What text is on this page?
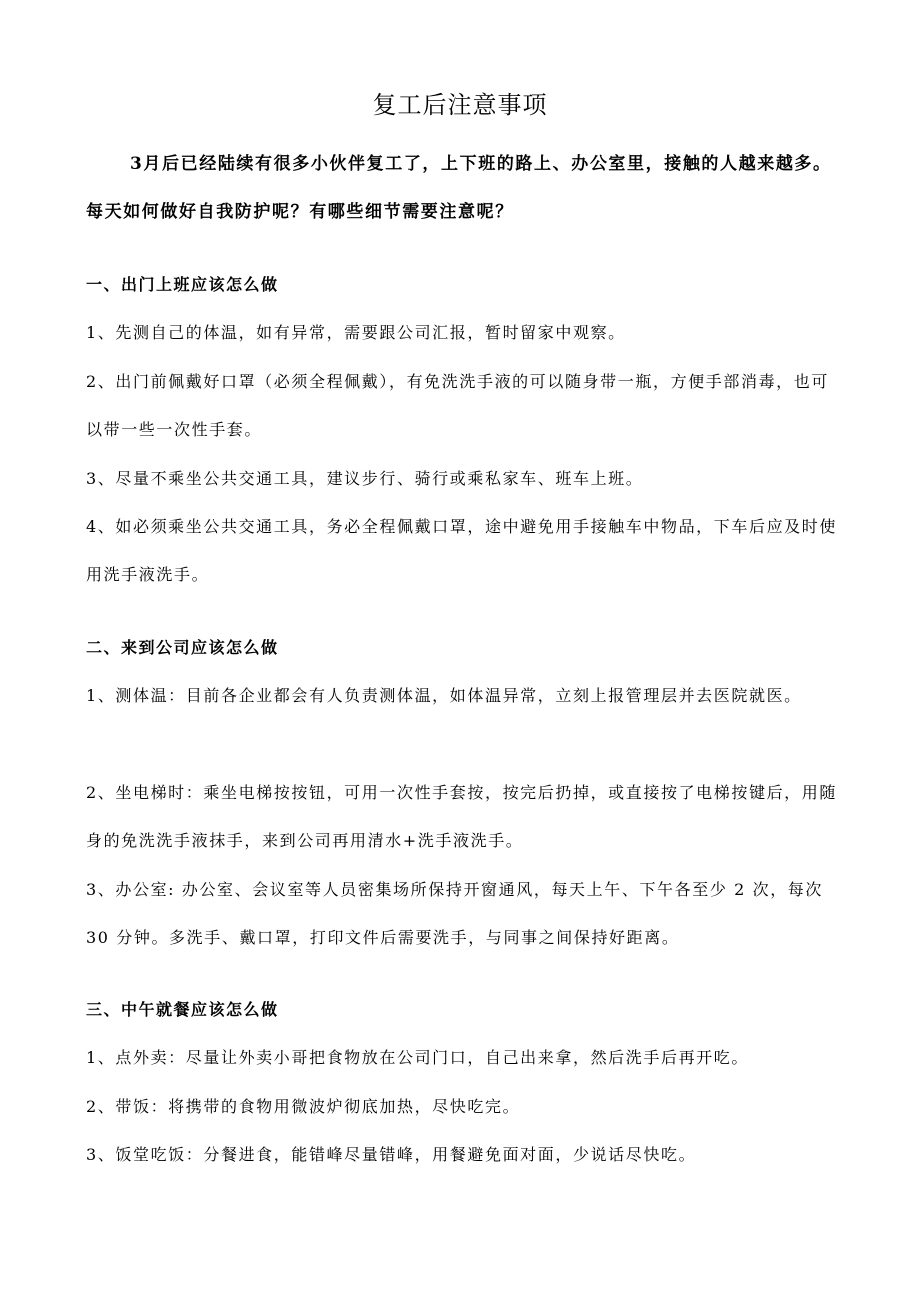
复工后注意事项
3月后已经陆续有很多小伙伴复工了，上下班的路上、办公室里，接触的人越来越多。每天如何做好自我防护呢？有哪些细节需要注意呢？
一、出门上班应该怎么做
1、先测自己的体温，如有异常，需要跟公司汇报，暂时留家中观察。
2、出门前佩戴好口罩（必须全程佩戴），有免洗洗手液的可以随身带一瓶，方便手部消毒，也可以带一些一次性手套。
3、尽量不乘坐公共交通工具，建议步行、骑行或乘私家车、班车上班。
4、如必须乘坐公共交通工具，务必全程佩戴口罩，途中避免用手接触车中物品，下车后应及时使用洗手液洗手。
二、来到公司应该怎么做
1、测体温：目前各企业都会有人负责测体温，如体温异常，立刻上报管理层并去医院就医。
2、坐电梯时：乘坐电梯按按钮，可用一次性手套按，按完后扔掉，或直接按了电梯按键后，用随身的免洗洗手液抹手，来到公司再用清水+洗手液洗手。
3、办公室: 办公室、会议室等人员密集场所保持开窗通风，每天上午、下午各至少 2 次，每次 30 分钟。多洗手、戴口罩，打印文件后需要洗手，与同事之间保持好距离。
三、中午就餐应该怎么做
1、点外卖：尽量让外卖小哥把食物放在公司门口，自己出来拿，然后洗手后再开吃。
2、带饭：将携带的食物用微波炉彻底加热，尽快吃完。
3、饭堂吃饭：分餐进食，能错峰尽量错峰，用餐避免面对面，少说话尽快吃。
